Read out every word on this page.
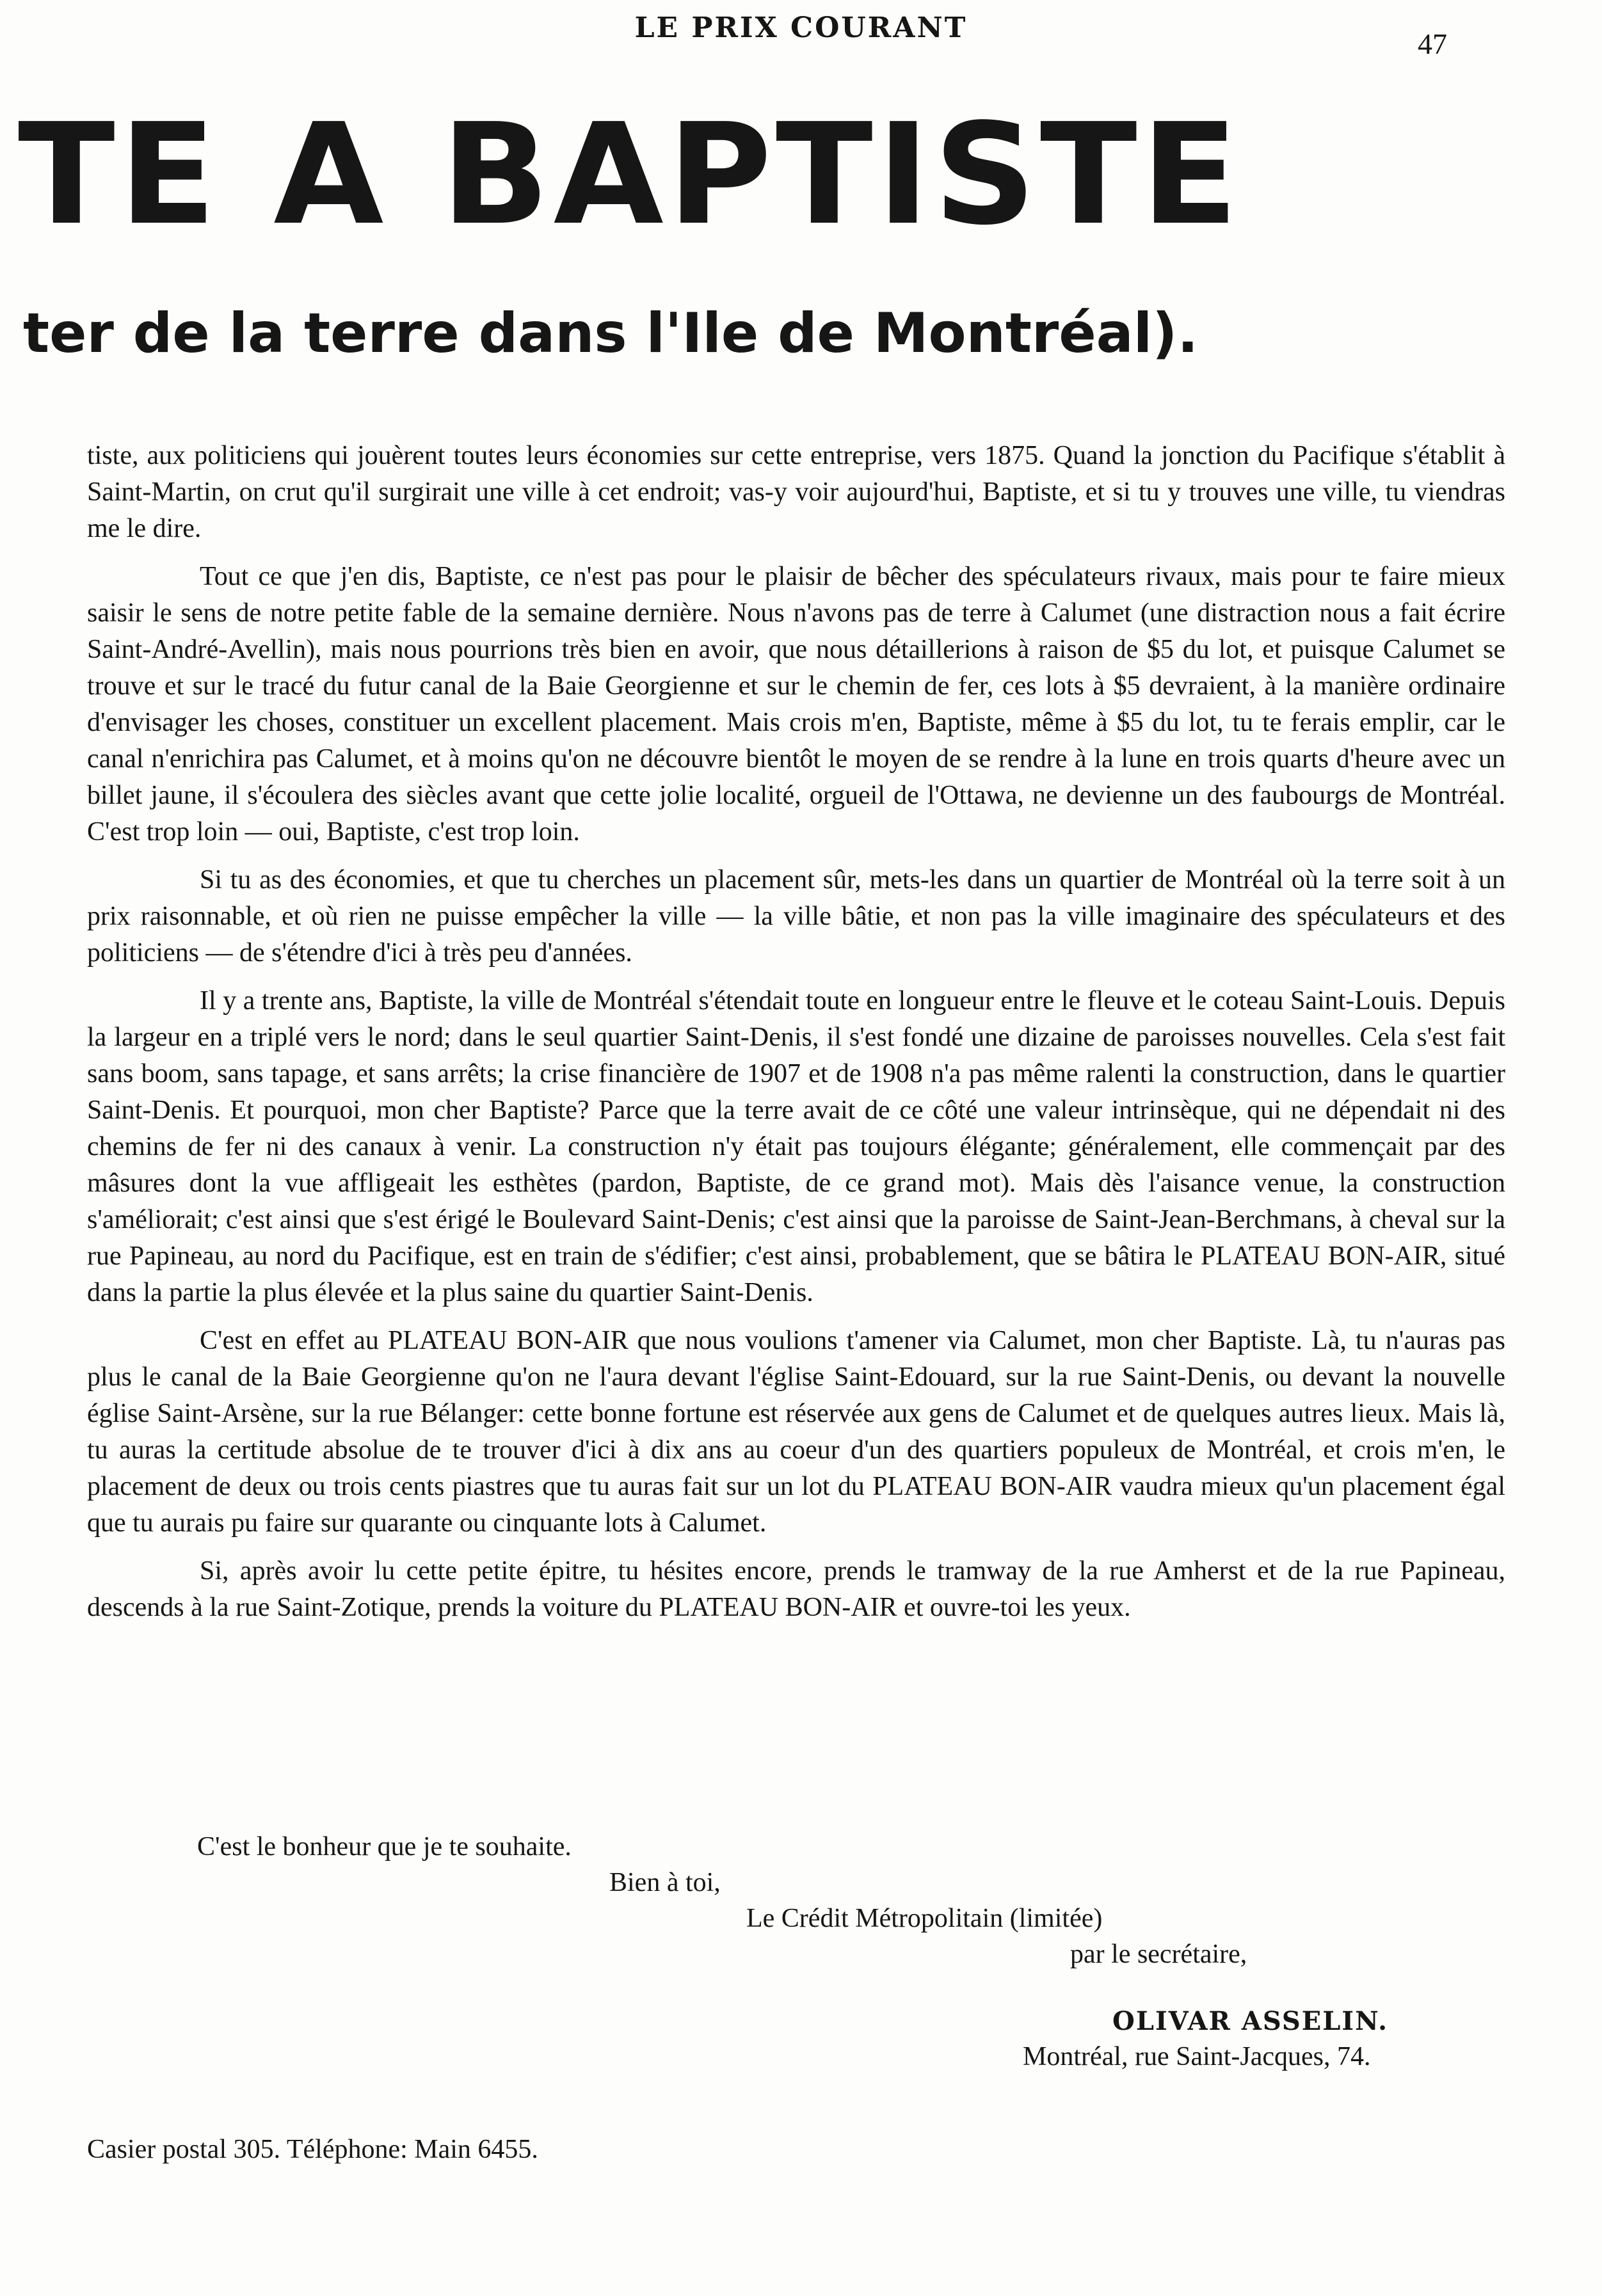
LE PRIX COURANT	47
TE A BAPTISTE
ter de la terre dans l'Ile de Montréal).

tiste, aux politiciens qui jouèrent toutes leurs économies sur cette entreprise, vers 1875. Quand la jonction du Pacifique s'établit à Saint-Martin, on crut qu'il surgirait une ville à cet endroit; vas-y voir aujourd'hui, Baptiste, et si tu y trouves une ville, tu viendras me le dire.

Tout ce que j'en dis, Baptiste, ce n'est pas pour le plaisir de bêcher des spéculateurs rivaux, mais pour te faire mieux saisir le sens de notre petite fable de la semaine dernière. Nous n'avons pas de terre à Calumet (une distraction nous a fait écrire Saint-André-Avellin), mais nous pourrions très bien en avoir, que nous détaillerions à raison de $5 du lot, et puisque Calumet se trouve et sur le tracé du futur canal de la Baie Georgienne et sur le chemin de fer, ces lots à $5 devraient, à la manière ordinaire d'envisager les choses, constituer un excellent placement. Mais crois m'en, Baptiste, même à $5 du lot, tu te ferais emplir, car le canal n'enrichira pas Calumet, et à moins qu'on ne découvre bientôt le moyen de se rendre à la lune en trois quarts d'heure avec un billet jaune, il s'écoulera des siècles avant que cette jolie localité, orgueil de l'Ottawa, ne devienne un des faubourgs de Montréal. C'est trop loin — oui, Baptiste, c'est trop loin.

Si tu as des économies, et que tu cherches un placement sûr, mets-les dans un quartier de Montréal où la terre soit à un prix raisonnable, et où rien ne puisse empêcher la ville — la ville bâtie, et non pas la ville imaginaire des spéculateurs et des politiciens — de s'étendre d'ici à très peu d'années.

Il y a trente ans, Baptiste, la ville de Montréal s'étendait toute en longueur entre le fleuve et le coteau Saint-Louis. Depuis la largeur en a triplé vers le nord; dans le seul quartier Saint-Denis, il s'est fondé une dizaine de paroisses nouvelles. Cela s'est fait sans boom, sans tapage, et sans arrêts; la crise financière de 1907 et de 1908 n'a pas même ralenti la construction, dans le quartier Saint-Denis. Et pourquoi, mon cher Baptiste? Parce que la terre avait de ce côté une valeur intrinsèque, qui ne dépendait ni des chemins de fer ni des canaux à venir. La construction n'y était pas toujours élégante; généralement, elle commençait par des mâsures dont la vue affligeait les esthètes (pardon, Baptiste, de ce grand mot). Mais dès l'aisance venue, la construction s'améliorait; c'est ainsi que s'est érigé le Boulevard Saint-Denis; c'est ainsi que la paroisse de Saint-Jean-Berchmans, à cheval sur la rue Papineau, au nord du Pacifique, est en train de s'édifier; c'est ainsi, probablement, que se bâtira le PLATEAU BON-AIR, situé dans la partie la plus élevée et la plus saine du quartier Saint-Denis.

C'est en effet au PLATEAU BON-AIR que nous voulions t'amener via Calumet, mon cher Baptiste. Là, tu n'auras pas plus le canal de la Baie Georgienne qu'on ne l'aura devant l'église Saint-Edouard, sur la rue Saint-Denis, ou devant la nouvelle église Saint-Arsène, sur la rue Bélanger: cette bonne fortune est réservée aux gens de Calumet et de quelques autres lieux. Mais là, tu auras la certitude absolue de te trouver d'ici à dix ans au coeur d'un des quartiers populeux de Montréal, et crois m'en, le placement de deux ou trois cents piastres que tu auras fait sur un lot du PLATEAU BON-AIR vaudra mieux qu'un placement égal que tu aurais pu faire sur quarante ou cinquante lots à Calumet.

Si, après avoir lu cette petite épitre, tu hésites encore, prends le tramway de la rue Amherst et de la rue Papineau, descends à la rue Saint-Zotique, prends la voiture du PLATEAU BON-AIR et ouvre-toi les yeux.

C'est le bonheur que je te souhaite.
Bien à toi,
Le Crédit Métropolitain (limitée)
par le secrétaire,
OLIVAR ASSELIN.
Montréal, rue Saint-Jacques, 74.
Casier postal 305. Téléphone: Main 6455.
